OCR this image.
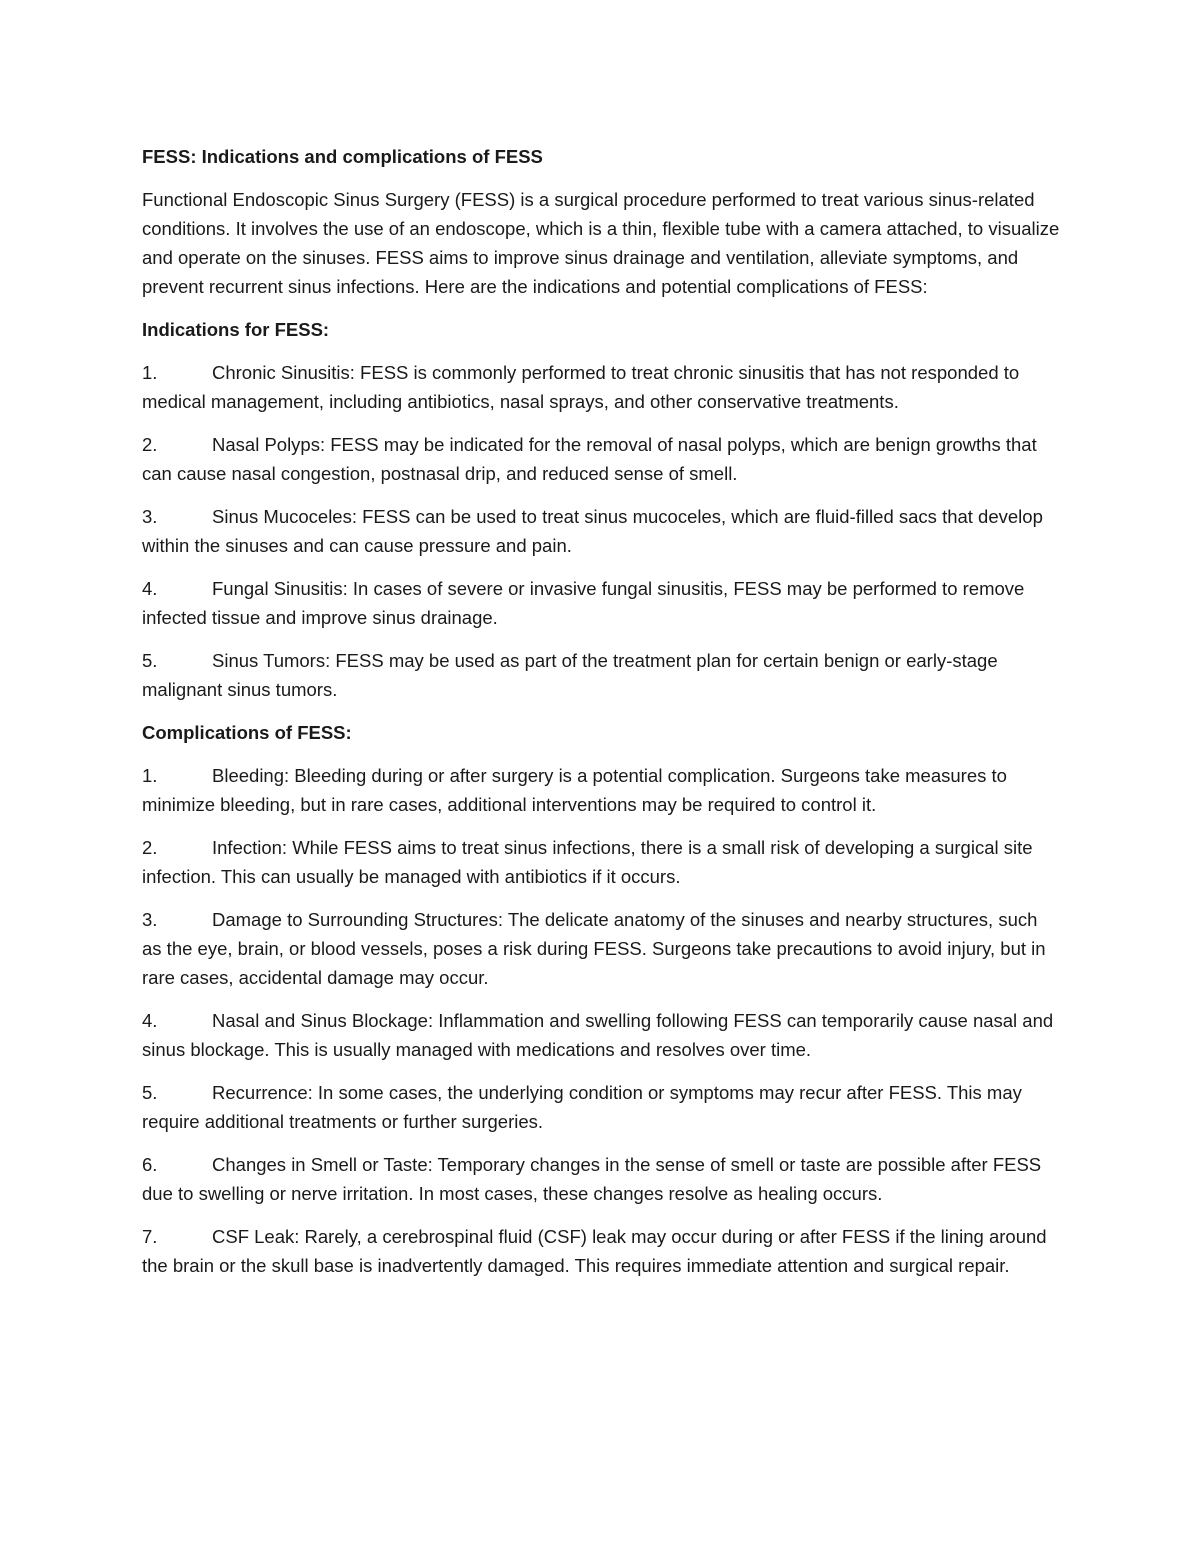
FESS: Indications and complications of FESS
Functional Endoscopic Sinus Surgery (FESS) is a surgical procedure performed to treat various sinus-related conditions. It involves the use of an endoscope, which is a thin, flexible tube with a camera attached, to visualize and operate on the sinuses. FESS aims to improve sinus drainage and ventilation, alleviate symptoms, and prevent recurrent sinus infections. Here are the indications and potential complications of FESS:
Indications for FESS:
1.	Chronic Sinusitis: FESS is commonly performed to treat chronic sinusitis that has not responded to medical management, including antibiotics, nasal sprays, and other conservative treatments.
2.	Nasal Polyps: FESS may be indicated for the removal of nasal polyps, which are benign growths that can cause nasal congestion, postnasal drip, and reduced sense of smell.
3.	Sinus Mucoceles: FESS can be used to treat sinus mucoceles, which are fluid-filled sacs that develop within the sinuses and can cause pressure and pain.
4.	Fungal Sinusitis: In cases of severe or invasive fungal sinusitis, FESS may be performed to remove infected tissue and improve sinus drainage.
5.	Sinus Tumors: FESS may be used as part of the treatment plan for certain benign or early-stage malignant sinus tumors.
Complications of FESS:
1.	Bleeding: Bleeding during or after surgery is a potential complication. Surgeons take measures to minimize bleeding, but in rare cases, additional interventions may be required to control it.
2.	Infection: While FESS aims to treat sinus infections, there is a small risk of developing a surgical site infection. This can usually be managed with antibiotics if it occurs.
3.	Damage to Surrounding Structures: The delicate anatomy of the sinuses and nearby structures, such as the eye, brain, or blood vessels, poses a risk during FESS. Surgeons take precautions to avoid injury, but in rare cases, accidental damage may occur.
4.	Nasal and Sinus Blockage: Inflammation and swelling following FESS can temporarily cause nasal and sinus blockage. This is usually managed with medications and resolves over time.
5.	Recurrence: In some cases, the underlying condition or symptoms may recur after FESS. This may require additional treatments or further surgeries.
6.	Changes in Smell or Taste: Temporary changes in the sense of smell or taste are possible after FESS due to swelling or nerve irritation. In most cases, these changes resolve as healing occurs.
7.	CSF Leak: Rarely, a cerebrospinal fluid (CSF) leak may occur during or after FESS if the lining around the brain or the skull base is inadvertently damaged. This requires immediate attention and surgical repair.
